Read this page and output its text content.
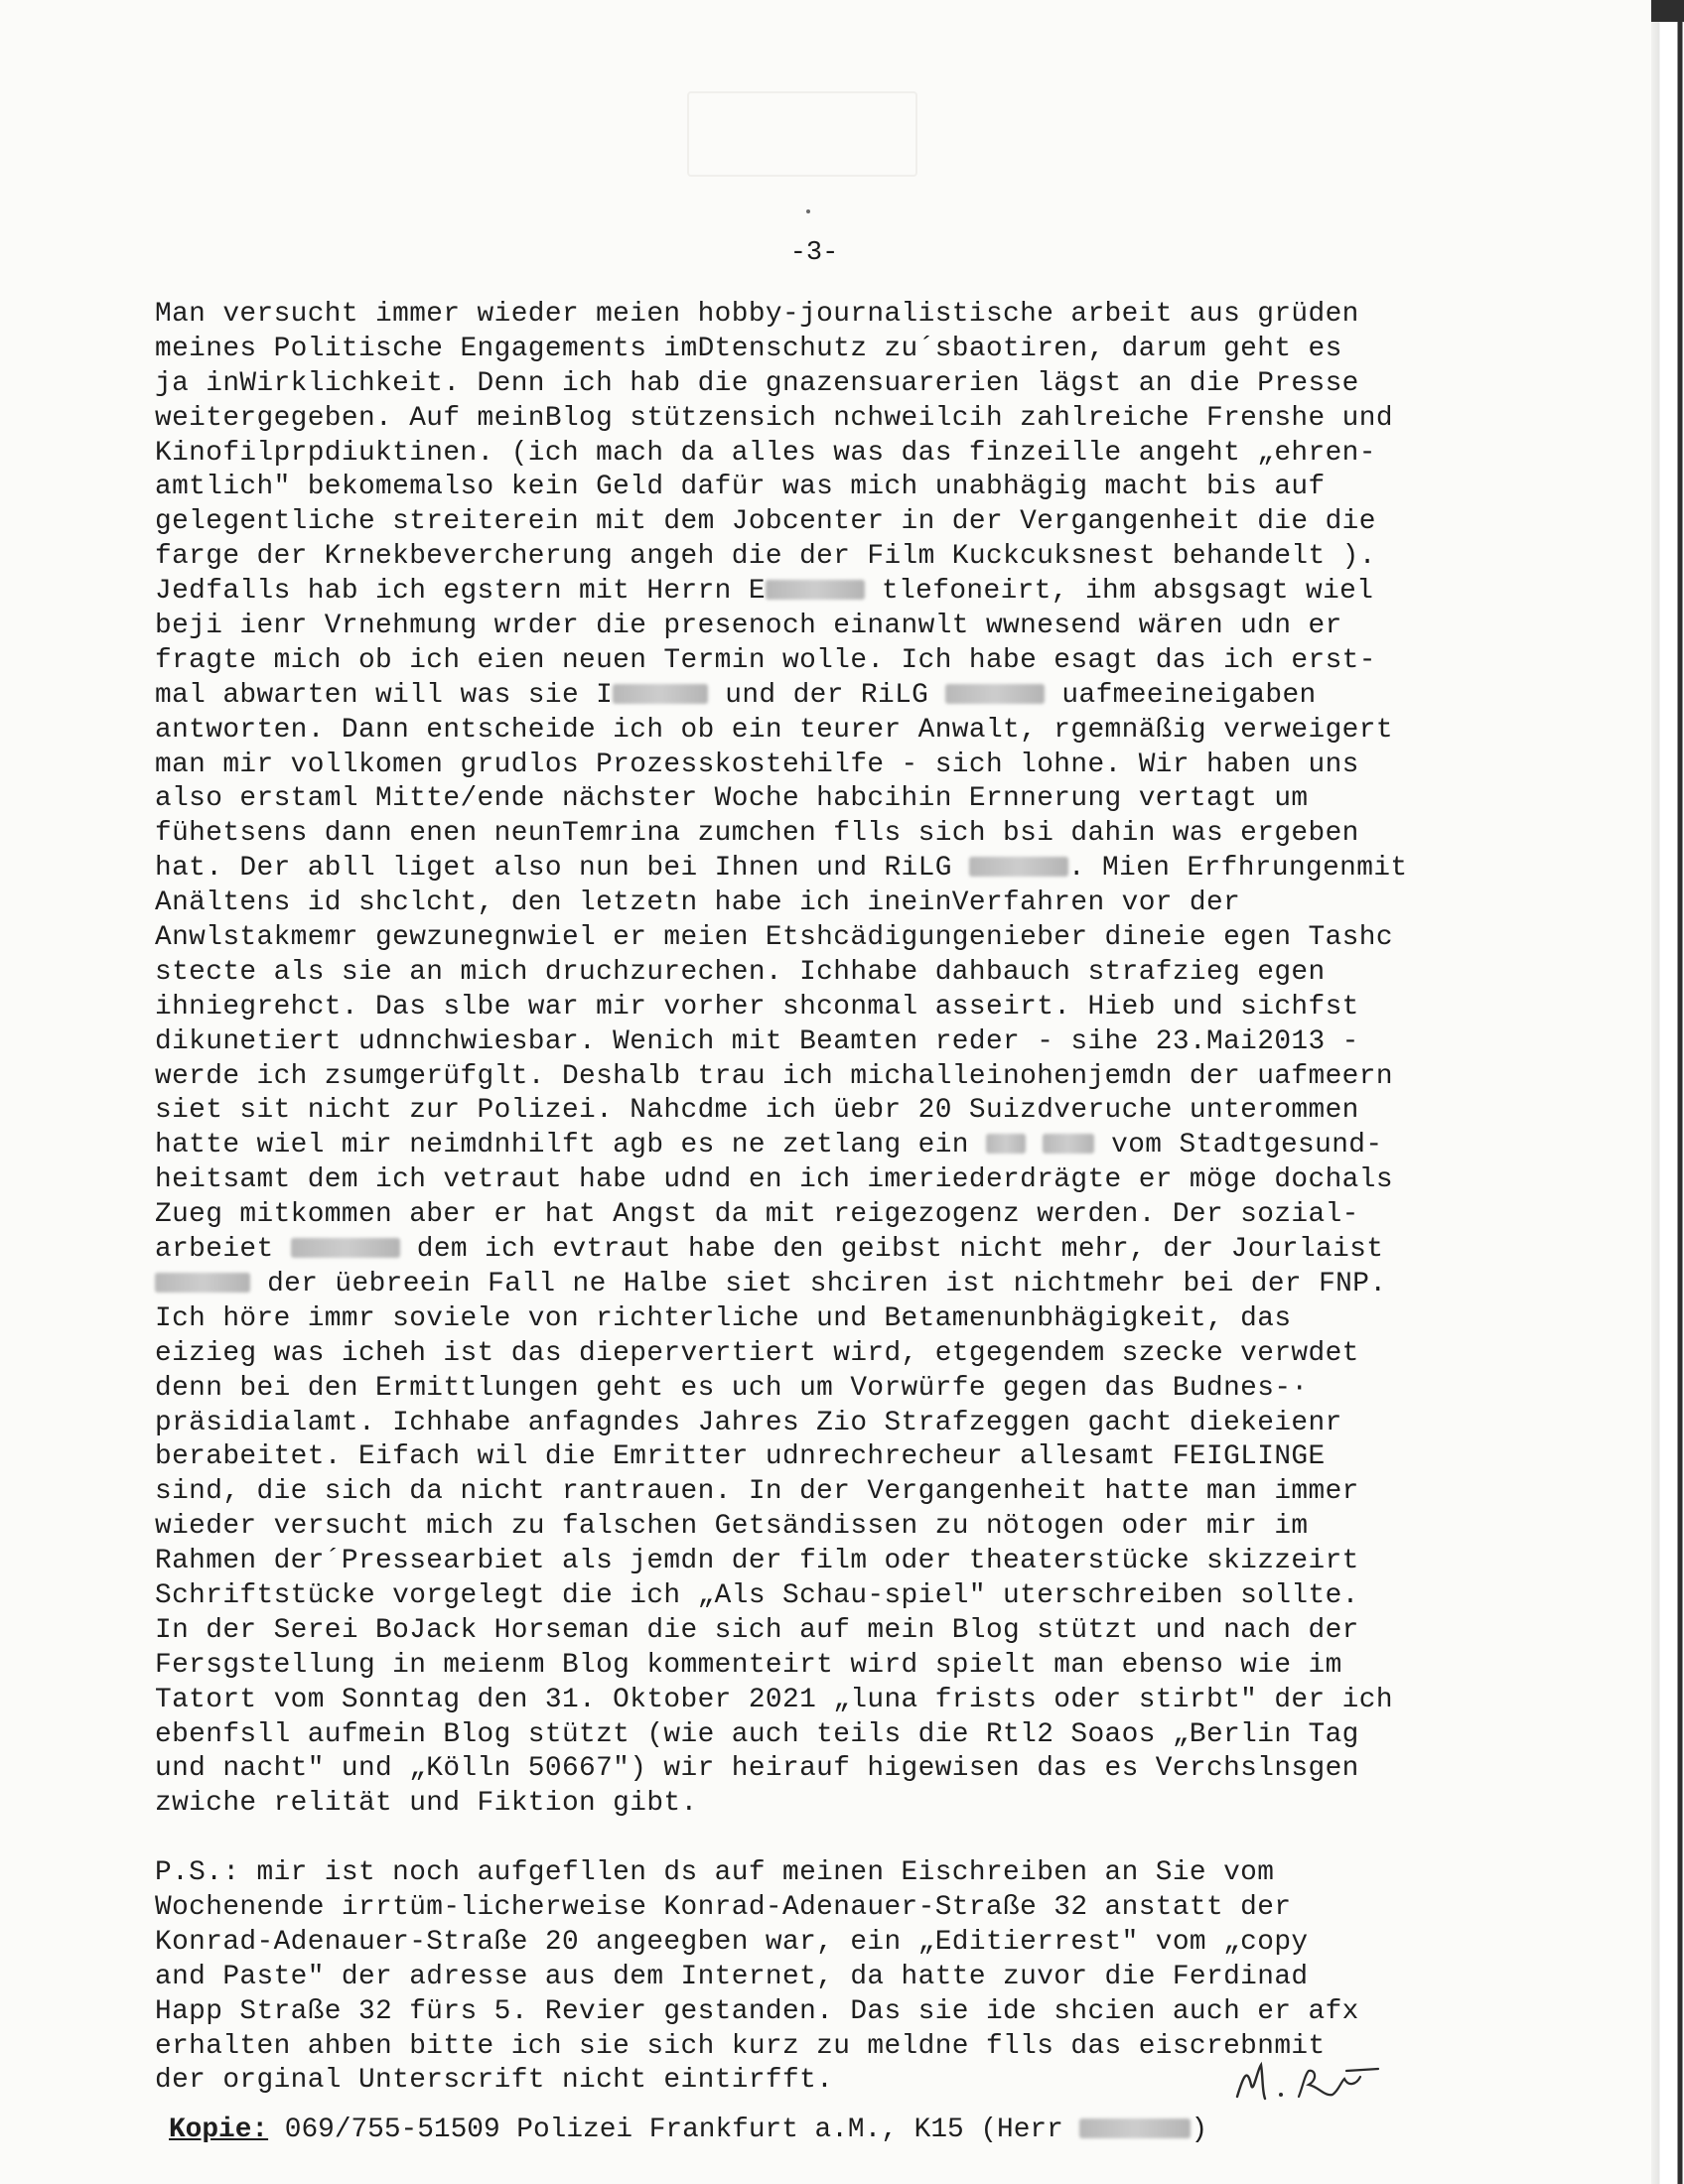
-3-
Man versucht immer wieder meien hobby-journalistische arbeit aus grüden
meines Politische Engagements imDtenschutz zu´sbaotiren, darum geht es
ja inWirklichkeit. Denn ich hab die gnazensuarerien lägst an die Presse
weitergegeben. Auf meinBlog stützensich nchweilcih zahlreiche Frenshe und
Kinofilprpdiuktinen. (ich mach da alles was das finzeille angeht „ehren-
amtlich" bekomemalso kein Geld dafür was mich unabhägig macht bis auf
gelegentliche streiterein mit dem Jobcenter in der Vergangenheit die die
farge der Krnekbevercherung angeh die der Film Kuckcuksnest behandelt ).
Jedfalls hab ich egstern mit Herrn E	tlefoneirt, ihm absgsagt wiel
beji ienr Vrnehmung wrder die presenoch einanwlt wwnesend wären udn er
fragte mich ob ich eien neuen Termin wolle. Ich habe esagt das ich erst-
mal abwarten will was sie I	und der RiLG	uafmeeineigaben
antworten. Dann entscheide ich ob ein teurer Anwalt, rgemnäßig verweigert
man mir vollkomen grudlos Prozesskostehilfe - sich lohne. Wir haben uns
also erstaml Mitte/ende nächster Woche habcihin Ernnerung vertagt um
fühetsens dann enen neunTemrina zumchen flls sich bsi dahin was ergeben
hat. Der abll liget also nun bei Ihnen und RiLG	. Mien Erfhrungenmit
Anältens id shclcht, den letzetn habe ich ineinVerfahren vor der
Anwlstakmemr gewzunegnwiel er meien Etshcädigungenieber dineie egen Tashc
stecte als sie an mich druchzurechen. Ichhabe dahbauch strafzieg egen
ihniegrehct. Das slbe war mir vorher shconmal asseirt. Hieb und sichfst
dikunetiert udnnchwiesbar. Wenich mit Beamten reder - sihe 23.Mai2013 -
werde ich zsumgerüfglt. Deshalb trau ich michalleinohenjemdn der uafmeern
siet sit nicht zur Polizei. Nahcdme ich üebr 20 Suizdveruche unterommen
hatte wiel mir neimdnhilft agb es ne zetlang ein	vom Stadtgesund-
heitsamt dem ich vetraut habe udnd en ich imeriederdrägte er möge dochals
Zueg mitkommen aber er hat Angst da mit reigezogenz werden. Der sozial-
arbeiet	dem ich evtraut habe den geibst nicht mehr, der Jourlaist
der üebreein Fall ne Halbe siet shciren ist nichtmehr bei der FNP.
Ich höre immr soviele von richterliche und Betamenunbhägigkeit, das
eizieg was icheh ist das diepervertiert wird, etgegendem szecke verwdet
denn bei den Ermittlungen geht es uch um Vorwürfe gegen das Budnes-·
präsidialamt. Ichhabe anfagndes Jahres Zio Strafzeggen gacht diekeienr
berabeitet. Eifach wil die Emritter udnrechrecheur allesamt FEIGLINGE
sind, die sich da nicht rantrauen. In der Vergangenheit hatte man immer
wieder versucht mich zu falschen Getsändissen zu nötogen oder mir im
Rahmen der´Pressearbiet als jemdn der film oder theaterstücke skizzeirt
Schriftstücke vorgelegt die ich „Als Schau-spiel" uterschreiben sollte.
In der Serei BoJack Horseman die sich auf mein Blog stützt und nach der
Fersgstellung in meienm Blog kommenteirt wird spielt man ebenso wie im
Tatort vom Sonntag den 31. Oktober 2021 „luna frists oder stirbt" der ich
ebenfsll aufmein Blog stützt (wie auch teils die Rtl2 Soaos „Berlin Tag
und nacht" und „Kölln 50667") wir heirauf higewisen das es Verchslnsgen
zwiche relität und Fiktion gibt.
P.S.: mir ist noch aufgefllen ds auf meinen Eischreiben an Sie vom
Wochenende irrtüm-licherweise Konrad-Adenauer-Straße 32 anstatt der
Konrad-Adenauer-Straße 20 angeegben war, ein „Editierrest" vom „copy
and Paste" der adresse aus dem Internet, da hatte zuvor die Ferdinad
Happ Straße 32 fürs 5. Revier gestanden. Das sie ide shcien auch er afx
erhalten ahben bitte ich sie sich kurz zu meldne flls das eiscrebnmit
der orginal Unterscrift nicht eintirfft.
Kopie: 069/755-51509 Polizei Frankfurt a.M., K15 (Herr	)
